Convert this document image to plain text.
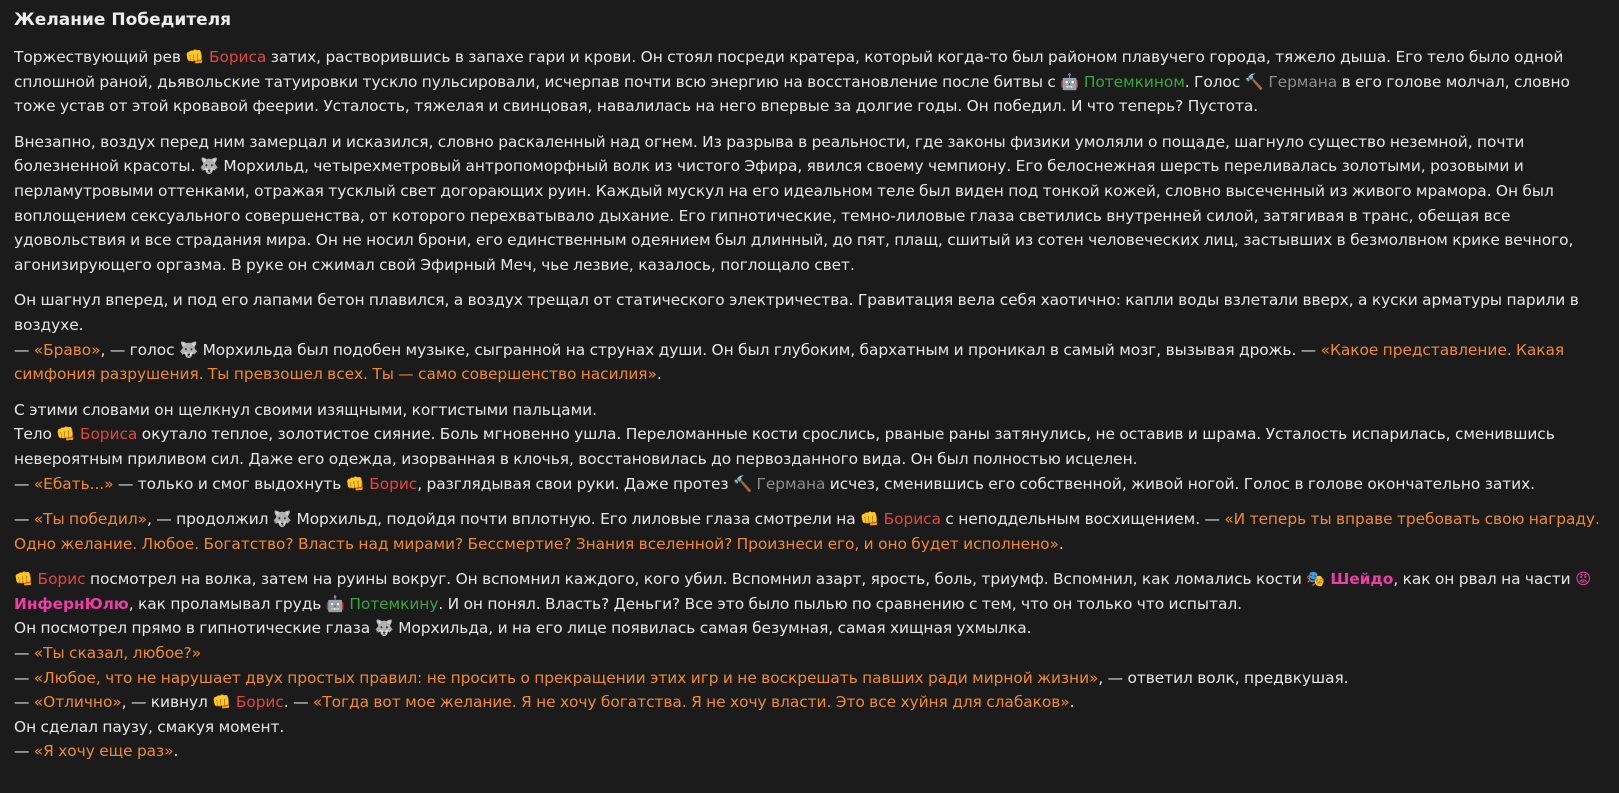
Желание Победителя

Торжествующий рев 👊 Бориса затих, растворившись в запахе гари и крови. Он стоял посреди кратера, который когда-то был районом плавучего города, тяжело дыша. Его тело было одной сплошной раной, дьявольские татуировки тускло пульсировали, исчерпав почти всю энергию на восстановление после битвы с 🤖 Потемкином. Голос 🔨 Германа в его голове молчал, словно тоже устав от этой кровавой феерии. Усталость, тяжелая и свинцовая, навалилась на него впервые за долгие годы. Он победил. И что теперь? Пустота.

Внезапно, воздух перед ним замерцал и исказился, словно раскаленный над огнем. Из разрыва в реальности, где законы физики умоляли о пощаде, шагнуло существо неземной, почти болезненной красоты. 🐺 Морхильд, четырехметровый антропоморфный волк из чистого Эфира, явился своему чемпиону. Его белоснежная шерсть переливалась золотыми, розовыми и перламутровыми оттенками, отражая тусклый свет догорающих руин. Каждый мускул на его идеальном теле был виден под тонкой кожей, словно высеченный из живого мрамора. Он был воплощением сексуального совершенства, от которого перехватывало дыхание. Его гипнотические, темно-лиловые глаза светились внутренней силой, затягивая в транс, обещая все удовольствия и все страдания мира. Он не носил брони, его единственным одеянием был длинный, до пят, плащ, сшитый из сотен человеческих лиц, застывших в безмолвном крике вечного, агонизирующего оргазма. В руке он сжимал свой Эфирный Меч, чье лезвие, казалось, поглощало свет.

Он шагнул вперед, и под его лапами бетон плавился, а воздух трещал от статического электричества. Гравитация вела себя хаотично: капли воды взлетали вверх, а куски арматуры парили в воздухе.
— «Браво», — голос 🐺 Морхильда был подобен музыке, сыгранной на струнах души. Он был глубоким, бархатным и проникал в самый мозг, вызывая дрожь. — «Какое представление. Какая симфония разрушения. Ты превзошел всех. Ты — само совершенство насилия».

С этими словами он щелкнул своими изящными, когтистыми пальцами.
Тело 👊 Бориса окутало теплое, золотистое сияние. Боль мгновенно ушла. Переломанные кости срослись, рваные раны затянулись, не оставив и шрама. Усталость испарилась, сменившись невероятным приливом сил. Даже его одежда, изорванная в клочья, восстановилась до первозданного вида. Он был полностью исцелен.
— «Ебать...» — только и смог выдохнуть 👊 Борис, разглядывая свои руки. Даже протез 🔨 Германа исчез, сменившись его собственной, живой ногой. Голос в голове окончательно затих.

— «Ты победил», — продолжил 🐺 Морхильд, подойдя почти вплотную. Его лиловые глаза смотрели на 👊 Бориса с неподдельным восхищением. — «И теперь ты вправе требовать свою награду. Одно желание. Любое. Богатство? Власть над мирами? Бессмертие? Знания вселенной? Произнеси его, и оно будет исполнено».

👊 Борис посмотрел на волка, затем на руины вокруг. Он вспомнил каждого, кого убил. Вспомнил азарт, ярость, боль, триумф. Вспомнил, как ломались кости 🎭 Шейдо, как он рвал на части 😡 ИнфернЮлю, как проламывал грудь 🤖 Потемкину. И он понял. Власть? Деньги? Все это было пылью по сравнению с тем, что он только что испытал.
Он посмотрел прямо в гипнотические глаза 🐺 Морхильда, и на его лице появилась самая безумная, самая хищная ухмылка.
— «Ты сказал, любое?»
— «Любое, что не нарушает двух простых правил: не просить о прекращении этих игр и не воскрешать павших ради мирной жизни», — ответил волк, предвкушая.
— «Отлично», — кивнул 👊 Борис. — «Тогда вот мое желание. Я не хочу богатства. Я не хочу власти. Это все хуйня для слабаков».
Он сделал паузу, смакуя момент.
— «Я хочу еще раз».
